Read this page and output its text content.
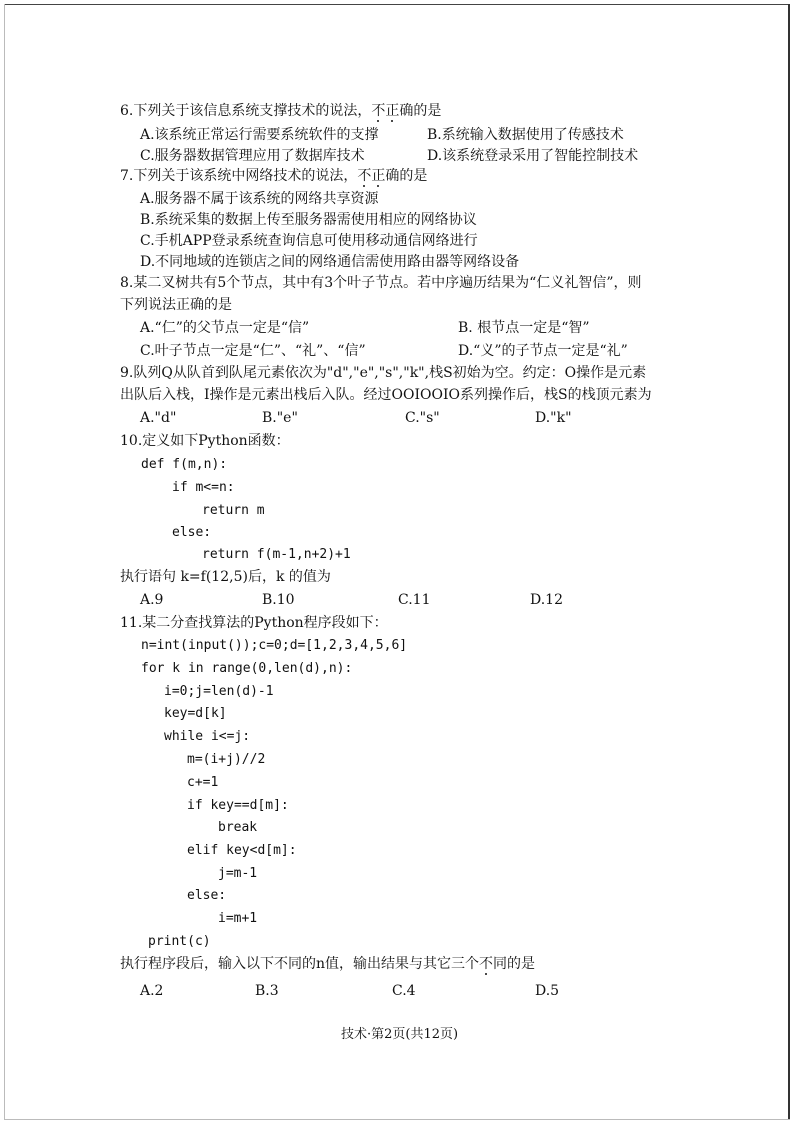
6.下列关于该信息系统支撑技术的说法，不正确的是
A.该系统正常运行需要系统软件的支撑	B.系统输入数据使用了传感技术
C.服务器数据管理应用了数据库技术	D.该系统登录采用了智能控制技术
7.下列关于该系统中网络技术的说法，不正确的是
A.服务器不属于该系统的网络共享资源
B.系统采集的数据上传至服务器需使用相应的网络协议
C.手机APP登录系统查询信息可使用移动通信网络进行
D.不同地域的连锁店之间的网络通信需使用路由器等网络设备
8.某二叉树共有5个节点，其中有3个叶子节点。若中序遍历结果为“仁义礼智信”，则
下列说法正确的是
A.“仁”的父节点一定是“信”	B. 根节点一定是“智”
C.叶子节点一定是“仁”、“礼”、“信”	D.“义”的子节点一定是“礼”
9.队列Q从队首到队尾元素依次为"d","e","s","k",栈S初始为空。约定：O操作是元素
出队后入栈，I操作是元素出栈后入队。经过OOIOOIO系列操作后，栈S的栈顶元素为
A."d"	B."e"	C."s"	D."k"
10.定义如下Python函数：
def f(m,n):
if m<=n:
return m
else:
return f(m-1,n+2)+1
执行语句 k=f(12,5)后，k 的值为
A.9	B.10	C.11	D.12
11.某二分查找算法的Python程序段如下：
n=int(input());c=0;d=[1,2,3,4,5,6]
for k in range(0,len(d),n):
i=0;j=len(d)-1
key=d[k]
while i<=j:
m=(i+j)//2
c+=1
if key==d[m]:
break
elif key<d[m]:
j=m-1
else:
i=m+1
print(c)
执行程序段后，输入以下不同的n值，输出结果与其它三个不同的是
A.2	B.3	C.4	D.5
技术·第2页(共12页)
